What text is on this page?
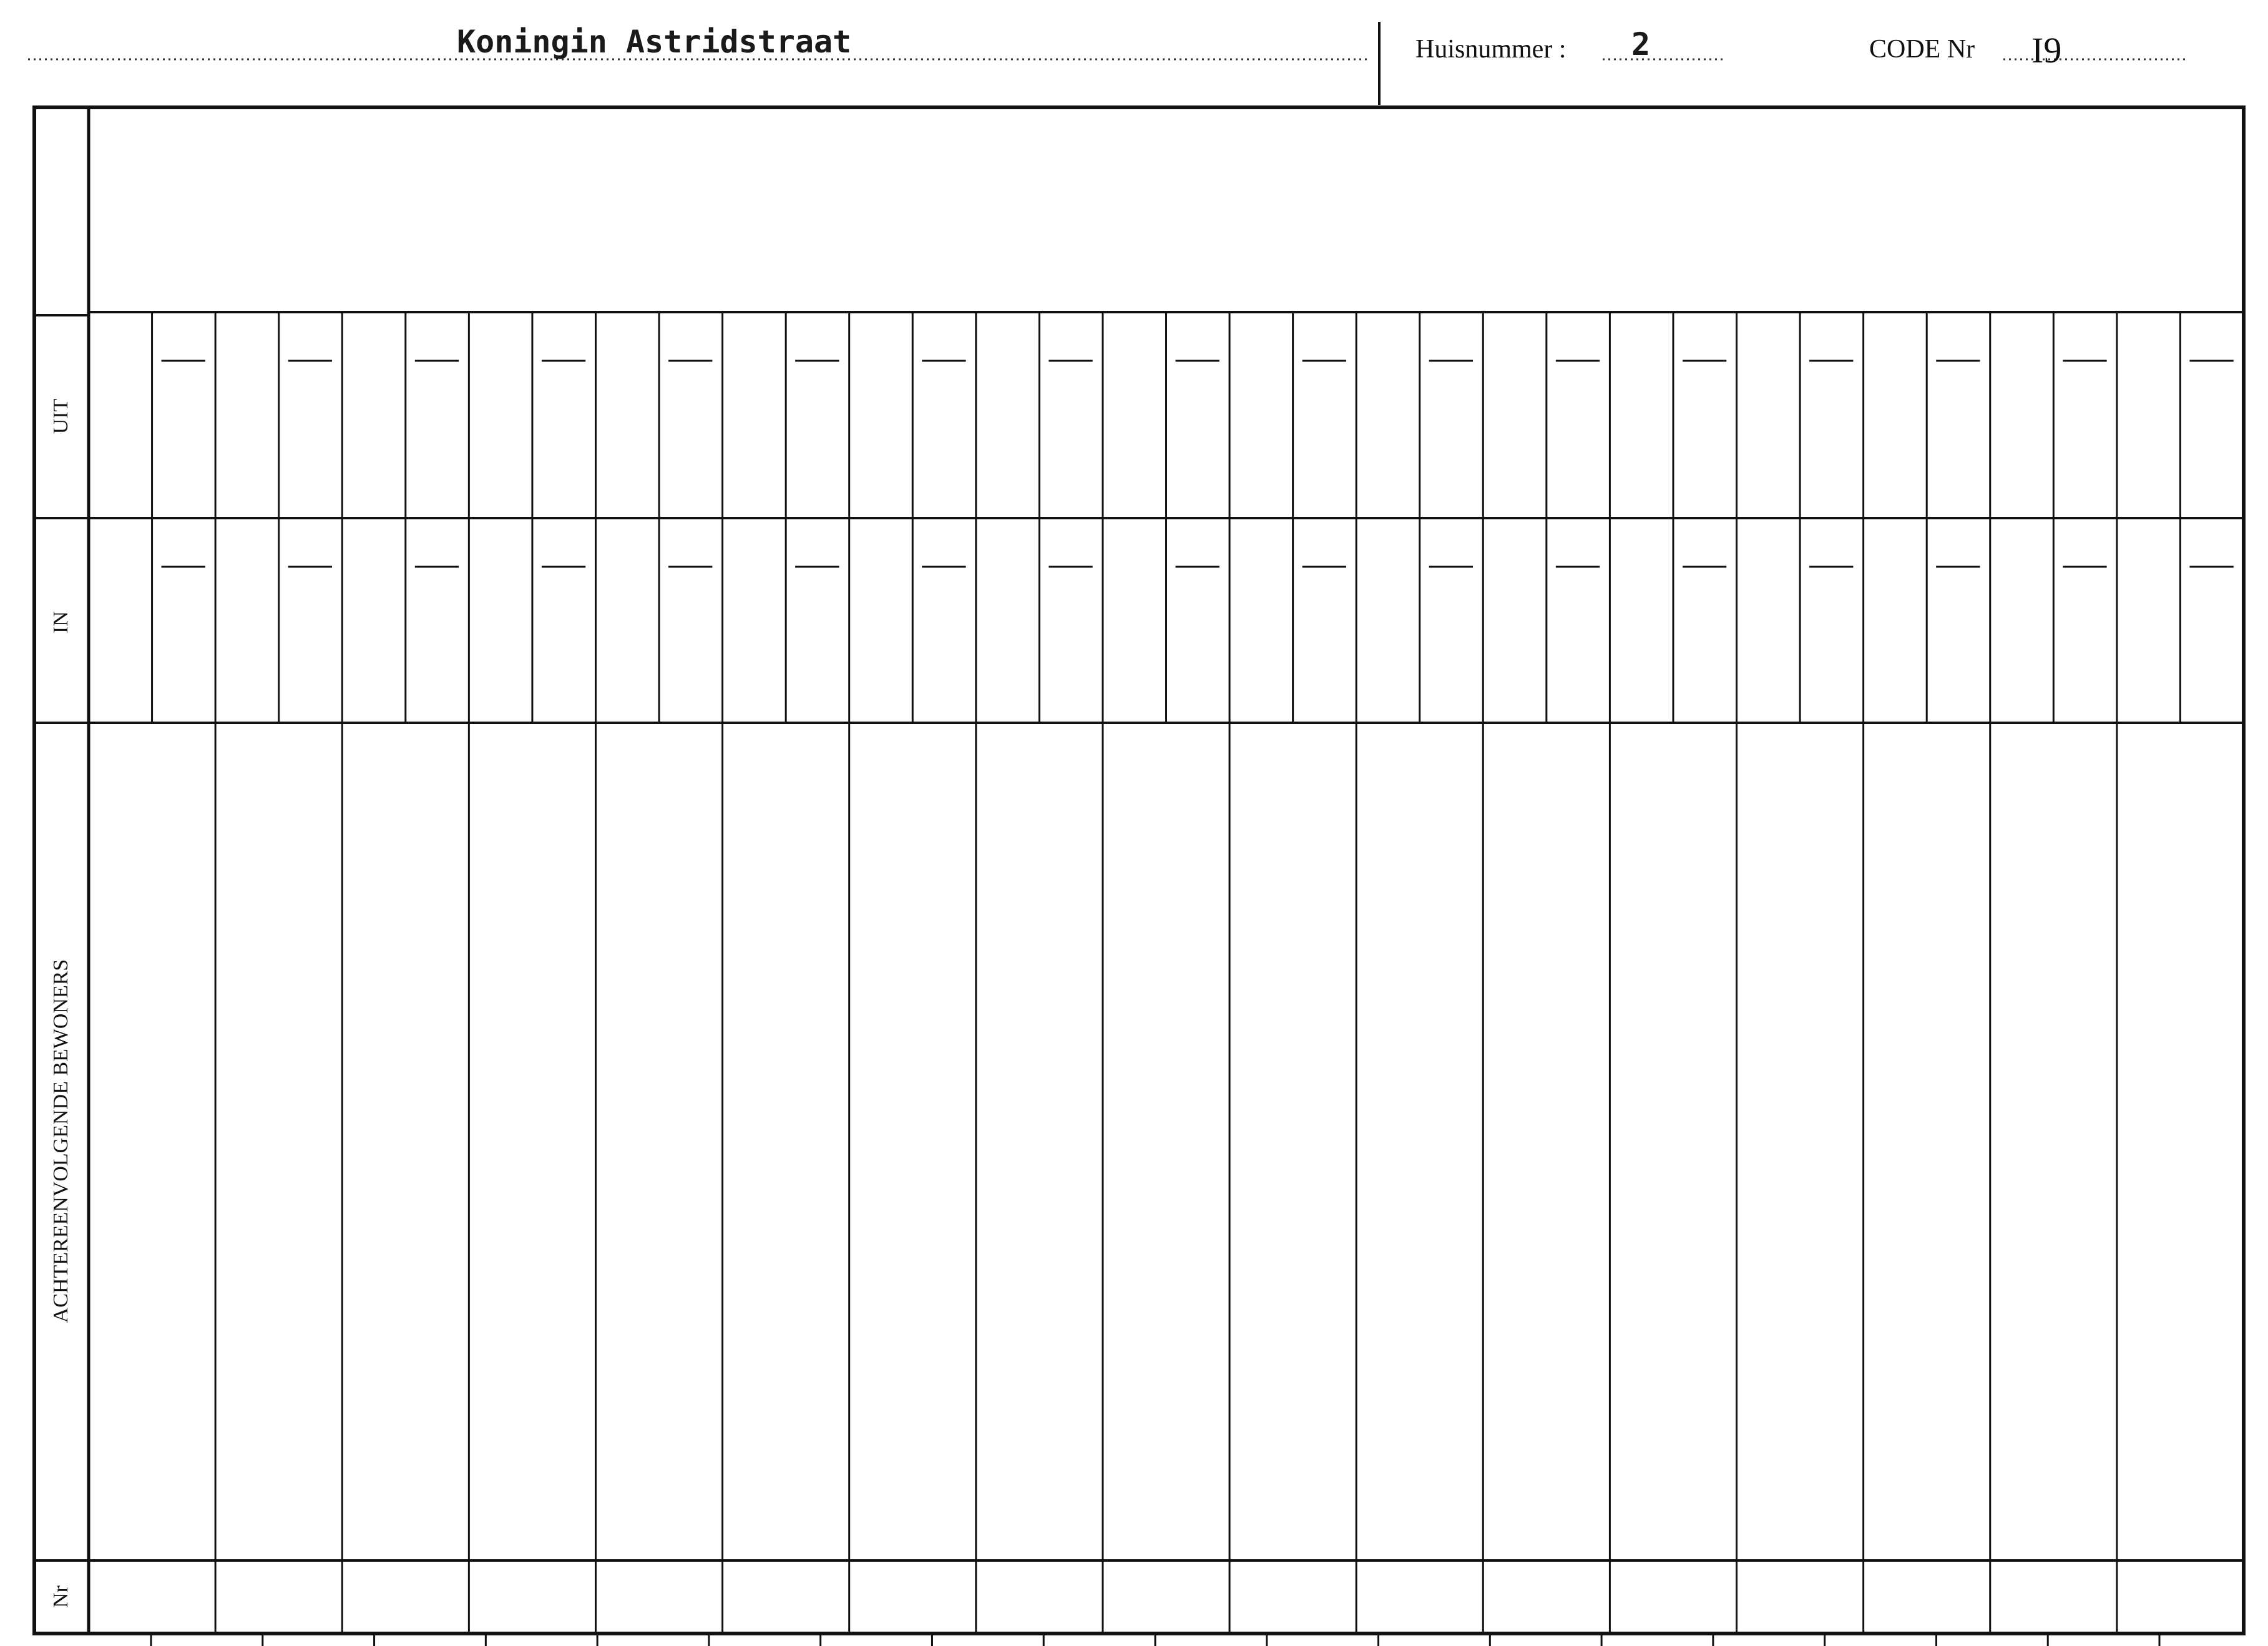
Koningin Astridstraat	Huisnummer : 2	CODE Nr I9
UIT
IN
ACHTEREENVOLGENDE BEWONERS
Nr
